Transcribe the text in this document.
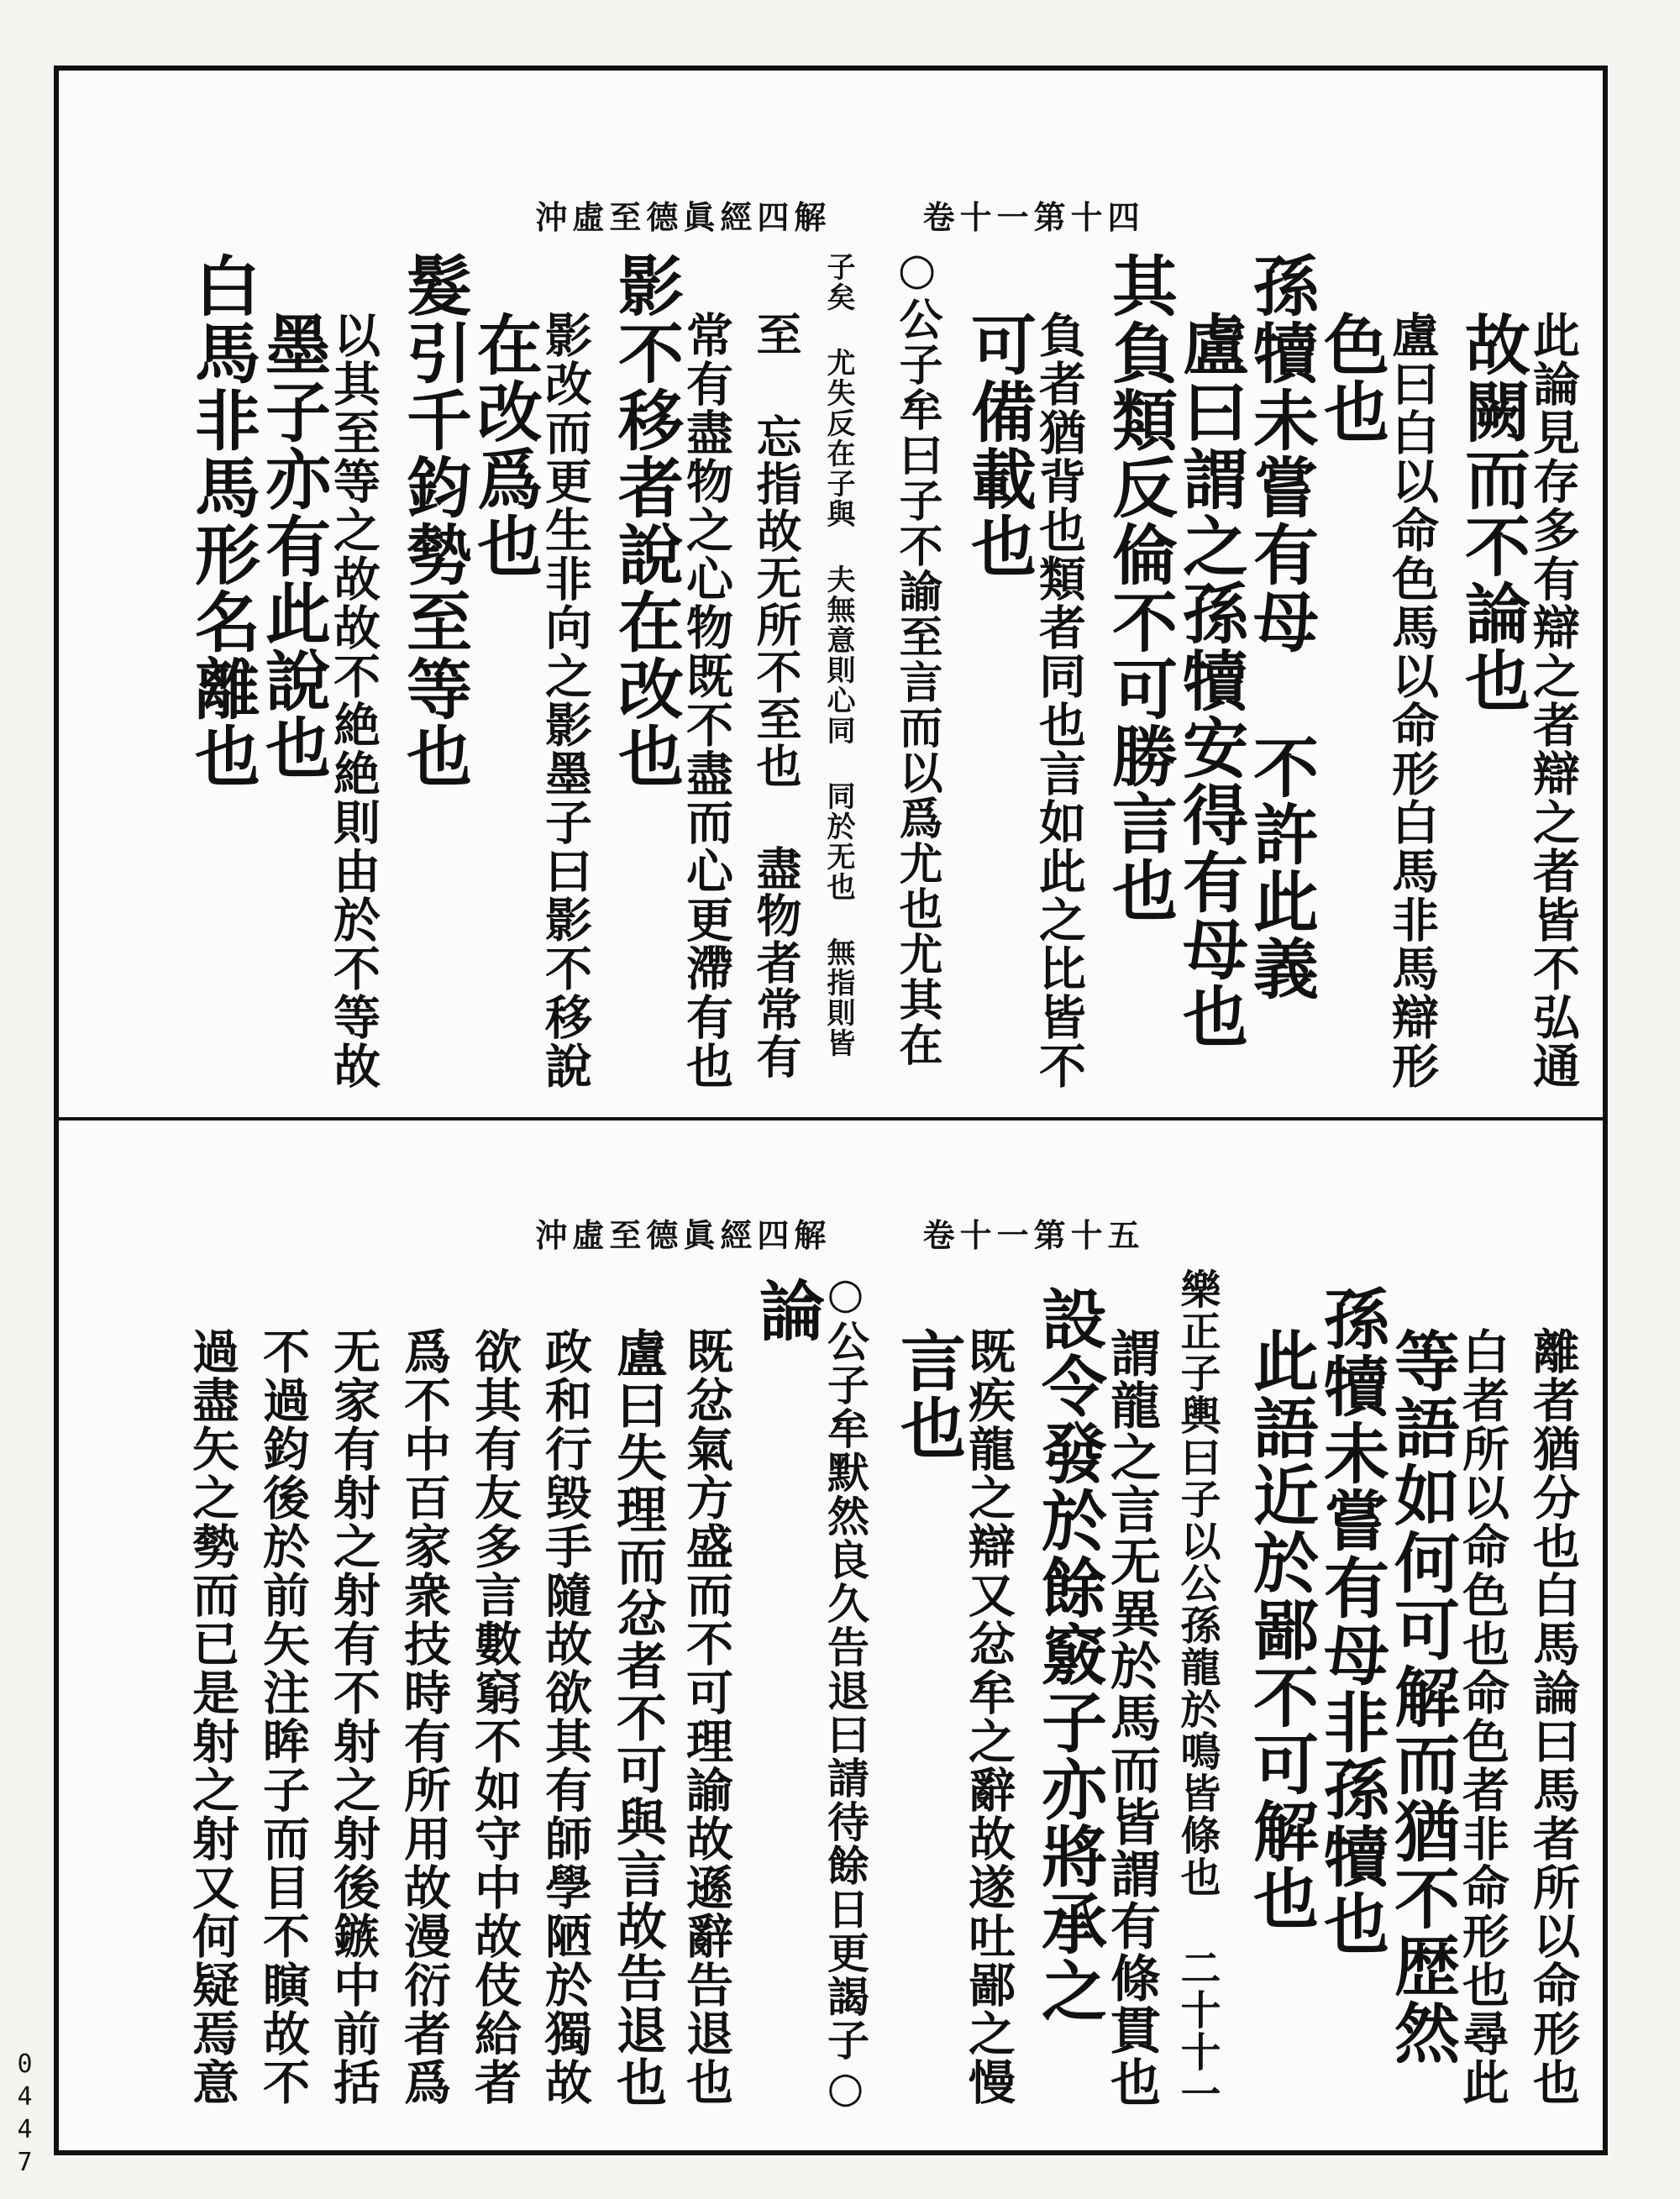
沖虛至德眞經四解	卷十一第十四
沖虛至德眞經四解	卷十一第十五
此論見存多有辯之者辯之者皆不弘通
故闕而不論也
盧曰白以命色馬以命形白馬非馬辯形
色也
孫犢未嘗有母 不許此義
盧曰謂之孫犢安得有母也
其負類反倫不可勝言也
負者猶背也類者同也言如此之比皆不
可備載也
○公子牟曰子不諭至言而以爲尤也尤其在
子矣 尤失反在子與 夫無意則心同 同於无也 無指則皆
至 忘指故无所不至也 盡物者常有
常有盡物之心物既不盡而心更滯有也
影不移者說在改也
影改而更生非向之影墨子曰影不移說
在改爲也
髮引千鈞勢至等也
以其至等之故故不絶絶則由於不等故
墨子亦有此說也
白馬非馬形名離也
離者猶分也白馬論曰馬者所以命形也
白者所以命色也命色者非命形也尋此
等語如何可解而猶不歴然
孫犢未嘗有母非孫犢也
此語近於鄙不可解也
樂正子輿曰子以公孫龍於鳴皆條也 二十十一
謂龍之言无異於馬而皆謂有條貫也
設令發於餘竅子亦將承之
既疾龍之辯又忿牟之辭故遂吐鄙之慢
言也
○公子牟默然良久告退曰請待餘日更謁子○
論
既忿氣方盛而不可理諭故遜辭告退也
盧曰失理而忿者不可與言故告退也
政和行毀手隨故欲其有師學陋於獨故
欲其有友多言數窮不如守中故伎給者
爲不中百家衆技時有所用故漫衍者爲
无家有射之射有不射之射後鏃中前括
不過鈞後於前矢注眸子而目不瞚故不
過盡矢之勢而已是射之射又何疑焉意
0447
